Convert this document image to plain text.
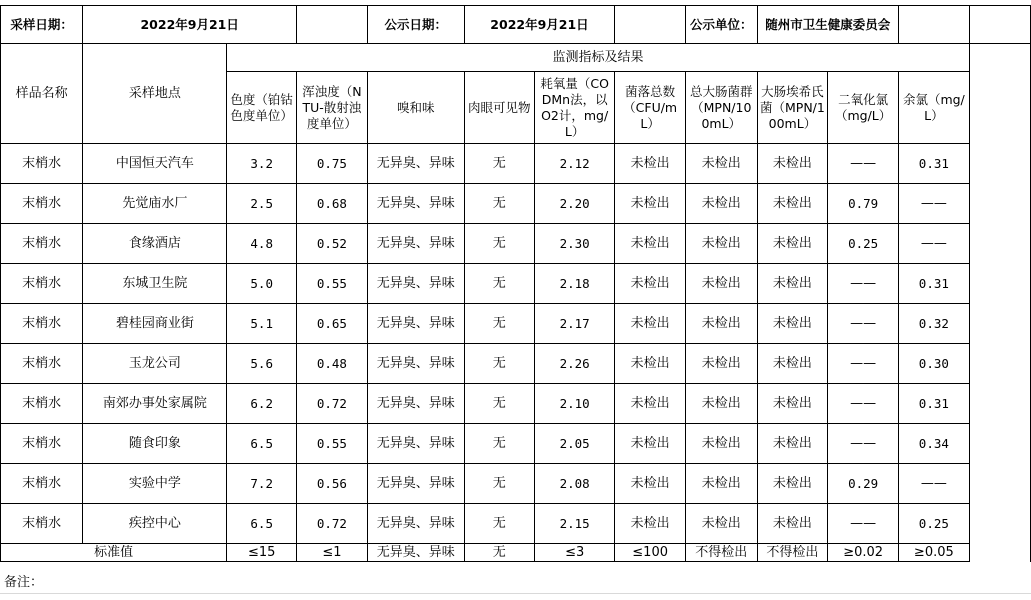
采样日期：	2022年9月21日			公示日期：	2022年9月21日			公示单位：	随州市卫生健康委员会			
样品名称	采样地点	监测指标及结果										
		色度（铂钴色度单位）	浑浊度（NTU-散射浊度单位）	嗅和味	肉眼可见物	耗氧量（CODMn法，以O2计，mg/L）	菌落总数（CFU/mL）	总大肠菌群（MPN/100mL）	大肠埃希氏菌（MPN/100mL）	二氧化氯（mg/L）	余氯（mg/L）	
末梢水	中国恒天汽车	3.2	0.75	无异臭、异味	无	2.12	未检出	未检出	未检出	——	0.31	
末梢水	先觉庙水厂	2.5	0.68	无异臭、异味	无	2.20	未检出	未检出	未检出	0.79	——	
末梢水	食缘酒店	4.8	0.52	无异臭、异味	无	2.30	未检出	未检出	未检出	0.25	——	
末梢水	东城卫生院	5.0	0.55	无异臭、异味	无	2.18	未检出	未检出	未检出	——	0.31	
末梢水	碧桂园商业街	5.1	0.65	无异臭、异味	无	2.17	未检出	未检出	未检出	——	0.32	
末梢水	玉龙公司	5.6	0.48	无异臭、异味	无	2.26	未检出	未检出	未检出	——	0.30	
末梢水	南郊办事处家属院	6.2	0.72	无异臭、异味	无	2.10	未检出	未检出	未检出	——	0.31	
末梢水	随食印象	6.5	0.55	无异臭、异味	无	2.05	未检出	未检出	未检出	——	0.34	
末梢水	实验中学	7.2	0.56	无异臭、异味	无	2.08	未检出	未检出	未检出	0.29	——	
末梢水	疾控中心	6.5	0.72	无异臭、异味	无	2.15	未检出	未检出	未检出	——	0.25	
标准值		≤15	≤1	无异臭、异味	无	≤3	≤100	不得检出	不得检出	≥0.02	≥0.05	
备注：
